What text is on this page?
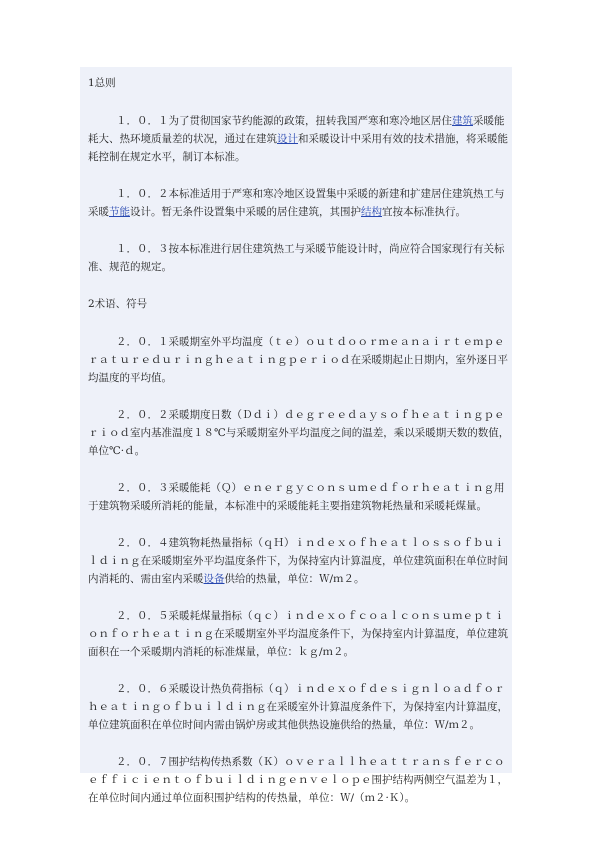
1总则

１．０．１为了贯彻国家节约能源的政策，扭转我国严寒和寒冷地区居住建筑采暖能耗大、热环境质量差的状况，通过在建筑设计和采暖设计中采用有效的技术措施，将采暖能耗控制在规定水平，制订本标准。

１．０．２本标准适用于严寒和寒冷地区设置集中采暖的新建和扩建居住建筑热工与采暖节能设计。暂无条件设置集中采暖的居住建筑，其围护结构宜按本标准执行。

１．０．３按本标准进行居住建筑热工与采暖节能设计时，尚应符合国家现行有关标准、规范的规定。

2术语、符号

２．０．１采暖期室外平均温度（ｔｅ）ｏｕｔｄｏｏｒｍｅａｎａｉｒｔｅｍｐｅｒａｔｕｒｅｄｕｒｉｎｇｈｅａｔｉｎｇｐｅｒｉｏｄ在采暖期起止日期内，室外逐日平均温度的平均值。

２．０．２采暖期度日数（Ｄｄｉ）ｄｅｇｒｅｅｄａｙｓｏｆｈｅａｔｉｎｇｐｅｒｉｏｄ室内基准温度１８℃与采暖期室外平均温度之间的温差，乘以采暖期天数的数值，单位℃·ｄ。

２．０．３采暖能耗（Ｑ）ｅｎｅｒｇｙｃｏｎｓｕｍｅｄｆｏｒｈｅａｔｉｎｇ用于建筑物采暖所消耗的能量，本标准中的采暖能耗主要指建筑物耗热量和采暖耗煤量。

２．０．４建筑物耗热量指标（ｑＨ）ｉｎｄｅｘｏｆｈｅａｔｌｏｓｓｏｆｂｕｉｌｄｉｎｇ在采暖期室外平均温度条件下，为保持室内计算温度，单位建筑面积在单位时间内消耗的、需由室内采暖设备供给的热量，单位：Ｗ/ｍ２。

２．０．５采暖耗煤量指标（ｑｃ）ｉｎｄｅｘｏｆｃｏａｌｃｏｎｓｕｍｅｐｔｉｏｎｆｏｒｈｅａｔｉｎｇ在采暖期室外平均温度条件下，为保持室内计算温度，单位建筑面积在一个采暖期内消耗的标准煤量，单位：ｋｇ/ｍ２。

２．０．６采暖设计热负荷指标（ｑ）ｉｎｄｅｘｏｆｄｅｓｉｇｎｌｏａｄｆｏｒｈｅａｔｉｎｇｏｆｂｕｉｌｄｉｎｇ在采暖室外计算温度条件下，为保持室内计算温度，单位建筑面积在单位时间内需由锅炉房或其他供热设施供给的热量，单位：Ｗ/ｍ２。

２．０．７围护结构传热系数（Ｋ）ｏｖｅｒａｌｌｈｅａｔｔｒａｎｓｆｅｒｃｏｅｆｆｉｃｉｅｎｔｏｆｂｕｉｌｄｉｎｇｅｎｖｅｌｏｐｅ围护结构两侧空气温差为１，在单位时间内通过单位面积围护结构的传热量，单位：Ｗ/（ｍ２·Ｋ）。
